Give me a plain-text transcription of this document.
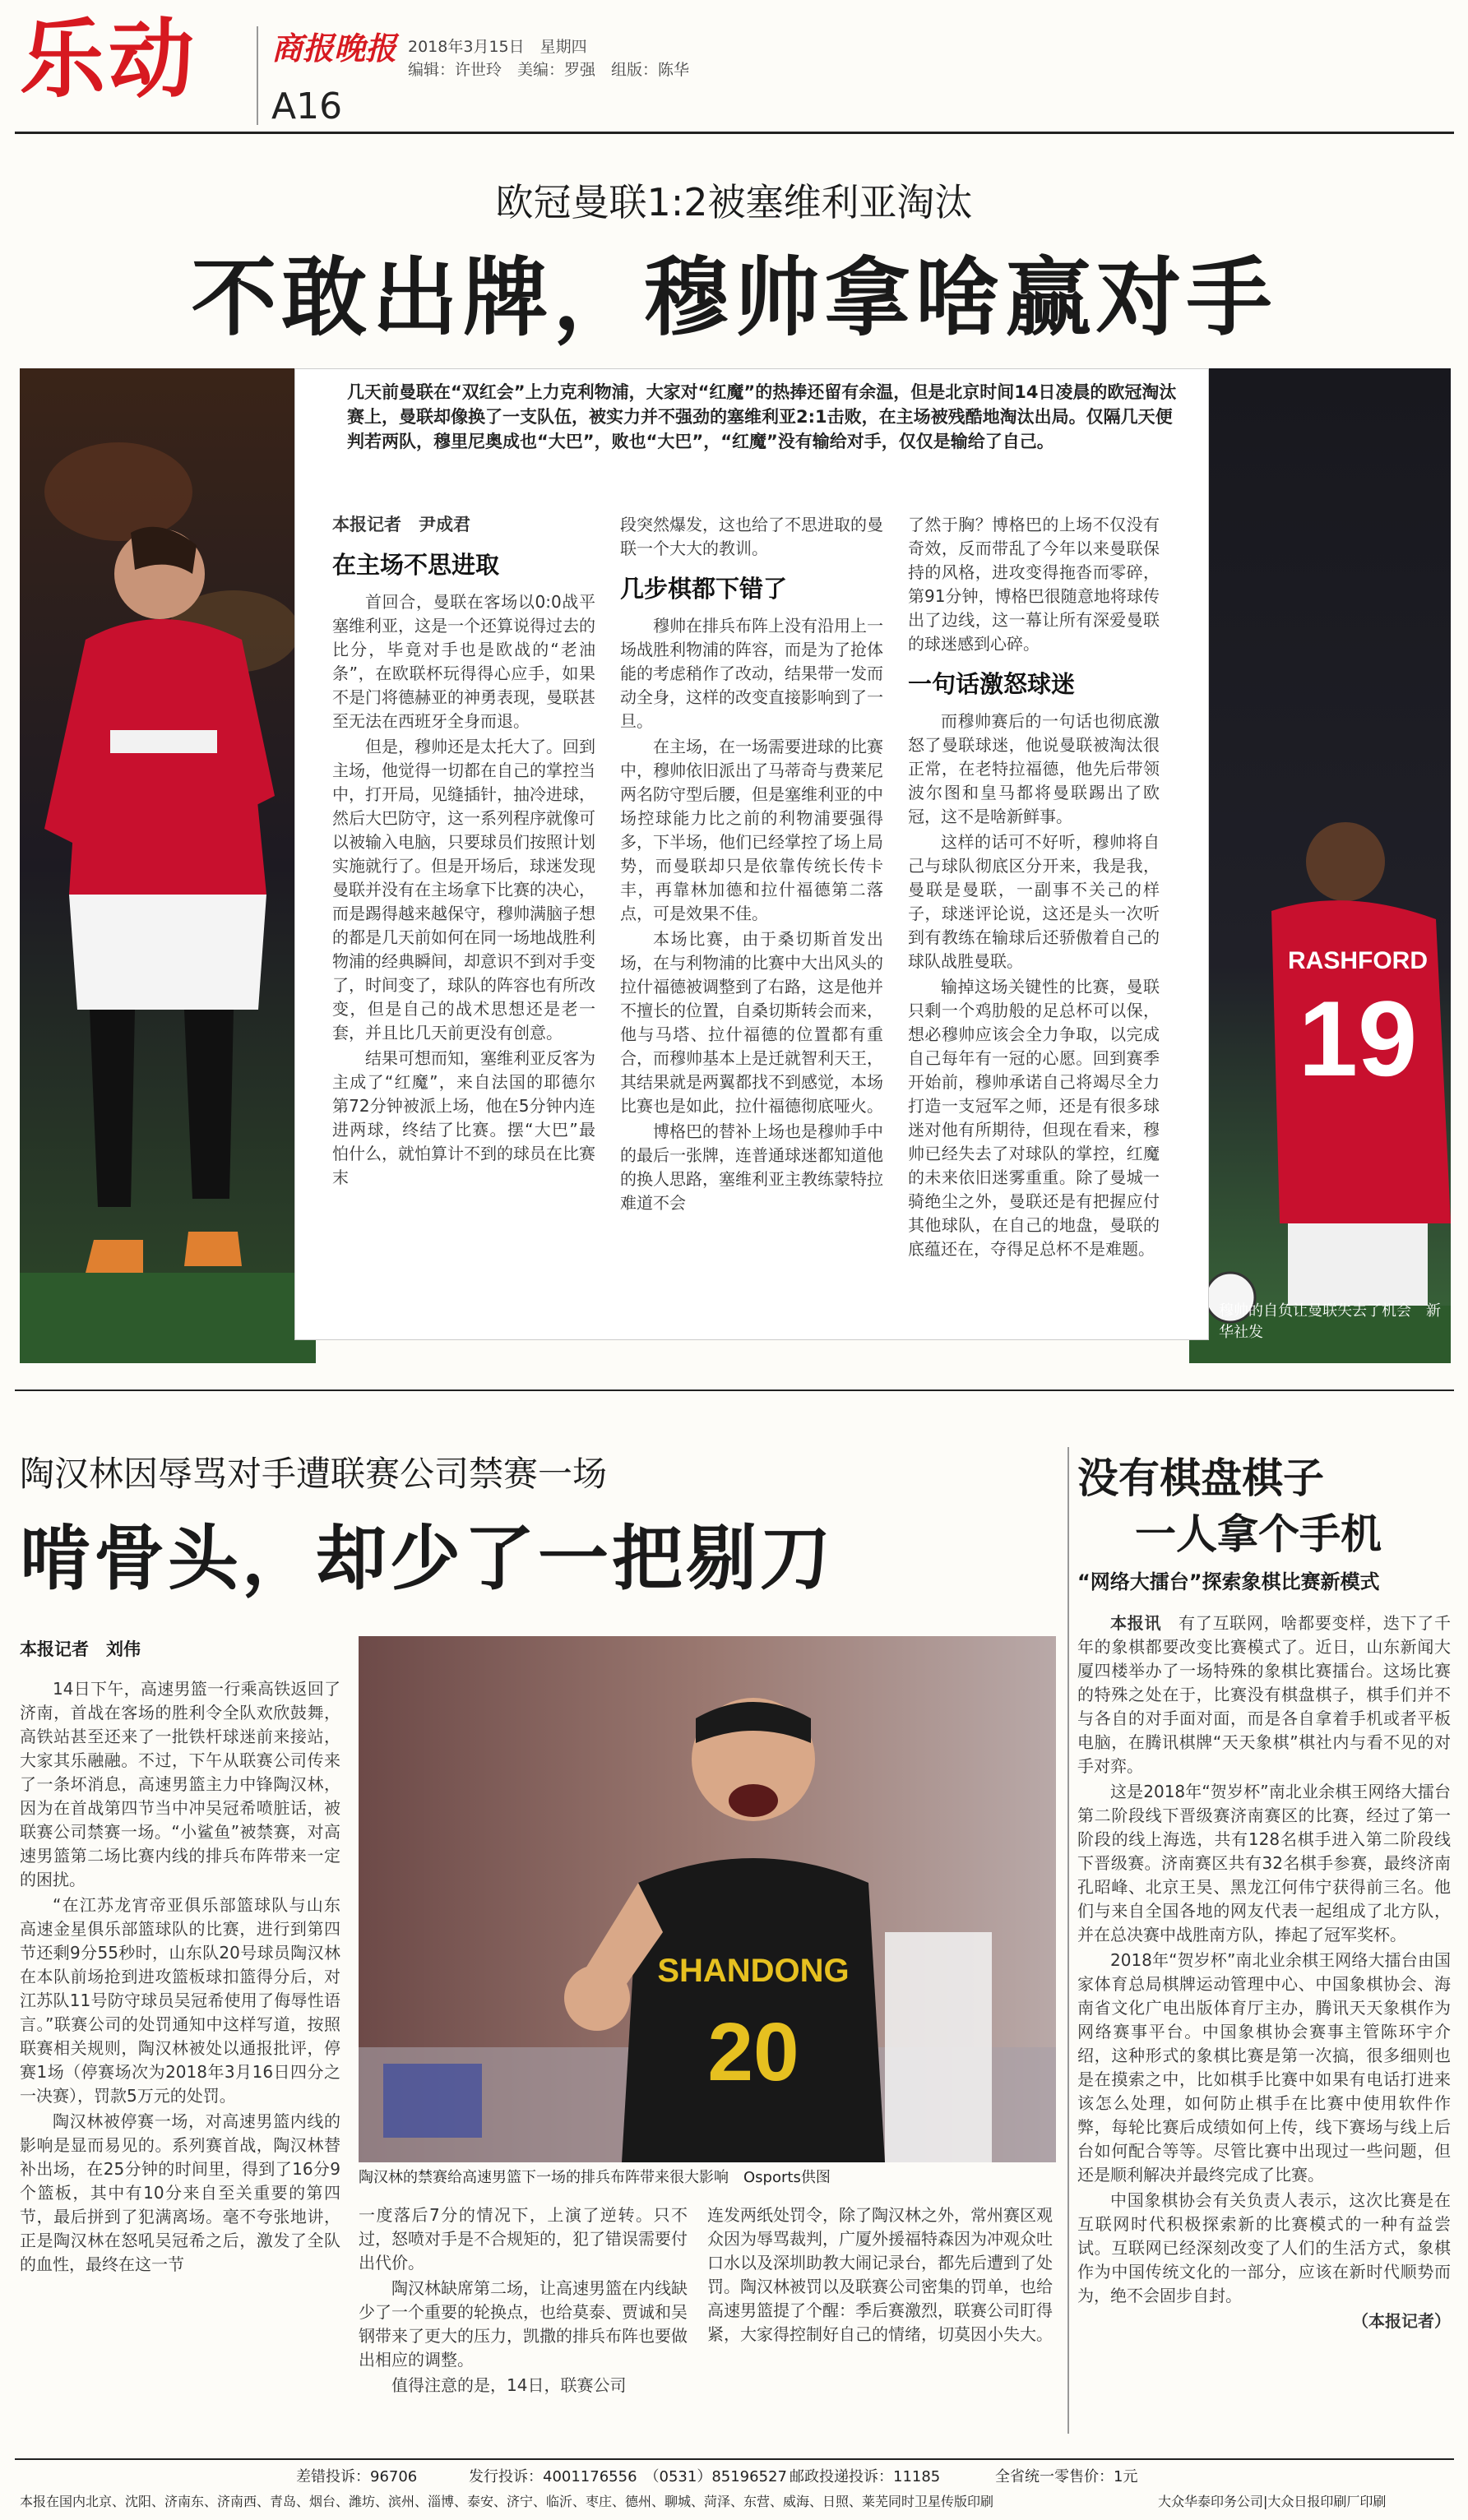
乐动 商报晚报 2018年3月15日　星期四
编辑：许世玲　美编：罗强　组版：陈华
A16
欧冠曼联1:2被塞维利亚淘汰
不敢出牌，穆帅拿啥赢对手
RASHFORD
19
几天前曼联在“双红会”上力克利物浦，大家对“红魔”的热捧还留有余温，但是北京时间14日凌晨的欧冠淘汰赛上，曼联却像换了一支队伍，被实力并不强劲的塞维利亚2:1击败，在主场被残酷地淘汰出局。仅隔几天便判若两队，穆里尼奥成也“大巴”，败也“大巴”，“红魔”没有输给对手，仅仅是输给了自己。
本报记者　尹成君
在主场不思进取

首回合，曼联在客场以0:0战平塞维利亚，这是一个还算说得过去的比分，毕竟对手也是欧战的“老油条”，在欧联杯玩得得心应手，如果不是门将德赫亚的神勇表现，曼联甚至无法在西班牙全身而退。

但是，穆帅还是太托大了。回到主场，他觉得一切都在自己的掌控当中，打开局，见缝插针，抽冷进球，然后大巴防守，这一系列程序就像可以被输入电脑，只要球员们按照计划实施就行了。但是开场后，球迷发现曼联并没有在主场拿下比赛的决心，而是踢得越来越保守，穆帅满脑子想的都是几天前如何在同一场地战胜利物浦的经典瞬间，却意识不到对手变了，时间变了，球队的阵容也有所改变，但是自己的战术思想还是老一套，并且比几天前更没有创意。

结果可想而知，塞维利亚反客为主成了“红魔”，来自法国的耶德尔第72分钟被派上场，他在5分钟内连进两球，终结了比赛。摆“大巴”最怕什么，就怕算计不到的球员在比赛末

段突然爆发，这也给了不思进取的曼联一个大大的教训。

几步棋都下错了

穆帅在排兵布阵上没有沿用上一场战胜利物浦的阵容，而是为了抢体能的考虑稍作了改动，结果带一发而动全身，这样的改变直接影响到了一旦。

在主场，在一场需要进球的比赛中，穆帅依旧派出了马蒂奇与费莱尼两名防守型后腰，但是塞维利亚的中场控球能力比之前的利物浦要强得多，下半场，他们已经掌控了场上局势，而曼联却只是依靠传统长传卡丰，再靠林加德和拉什福德第二落点，可是效果不佳。

本场比赛，由于桑切斯首发出场，在与利物浦的比赛中大出风头的拉什福德被调整到了右路，这是他并不擅长的位置，自桑切斯转会而来，他与马塔、拉什福德的位置都有重合，而穆帅基本上是迁就智利天王，其结果就是两翼都找不到感觉，本场比赛也是如此，拉什福德彻底哑火。

博格巴的替补上场也是穆帅手中的最后一张牌，连普通球迷都知道他的换人思路，塞维利亚主教练蒙特拉难道不会

了然于胸？博格巴的上场不仅没有奇效，反而带乱了今年以来曼联保持的风格，进攻变得拖沓而零碎，第91分钟，博格巴很随意地将球传出了边线，这一幕让所有深爱曼联的球迷感到心碎。

一句话激怒球迷

而穆帅赛后的一句话也彻底激怒了曼联球迷，他说曼联被淘汰很正常，在老特拉福德，他先后带领波尔图和皇马都将曼联踢出了欧冠，这不是啥新鲜事。

这样的话可不好听，穆帅将自己与球队彻底区分开来，我是我，曼联是曼联，一副事不关己的样子，球迷评论说，这还是头一次听到有教练在输球后还骄傲着自己的球队战胜曼联。

输掉这场关键性的比赛，曼联只剩一个鸡肋般的足总杯可以保，想必穆帅应该会全力争取，以完成自己每年有一冠的心愿。回到赛季开始前，穆帅承诺自己将竭尽全力打造一支冠军之师，还是有很多球迷对他有所期待，但现在看来，穆帅已经失去了对球队的掌控，红魔的未来依旧迷雾重重。除了曼城一骑绝尘之外，曼联还是有把握应付其他球队，在自己的地盘，曼联的底蕴还在，夺得足总杯不是难题。

穆帅的自负让曼联失去了机会　新华社发
陶汉林因辱骂对手遭联赛公司禁赛一场
啃骨头，却少了一把剔刀
本报记者　刘伟

14日下午，高速男篮一行乘高铁返回了济南，首战在客场的胜利令全队欢欣鼓舞，高铁站甚至还来了一批铁杆球迷前来接站，大家其乐融融。不过，下午从联赛公司传来了一条坏消息，高速男篮主力中锋陶汉林，因为在首战第四节当中冲吴冠希喷脏话，被联赛公司禁赛一场。“小鲨鱼”被禁赛，对高速男篮第二场比赛内线的排兵布阵带来一定的困扰。

“在江苏龙宵帝亚俱乐部篮球队与山东高速金星俱乐部篮球队的比赛，进行到第四节还剩9分55秒时，山东队20号球员陶汉林在本队前场抢到进攻篮板球扣篮得分后，对江苏队11号防守球员吴冠希使用了侮辱性语言。”联赛公司的处罚通知中这样写道，按照联赛相关规则，陶汉林被处以通报批评，停赛1场（停赛场次为2018年3月16日四分之一决赛），罚款5万元的处罚。

陶汉林被停赛一场，对高速男篮内线的影响是显而易见的。系列赛首战，陶汉林替补出场，在25分钟的时间里，得到了16分9个篮板，其中有10分来自至关重要的第四节，最后拼到了犯满离场。毫不夸张地讲，正是陶汉林在怒吼吴冠希之后，激发了全队的血性，最终在这一节

SHANDONG
20
陶汉林的禁赛给高速男篮下一场的排兵布阵带来很大影响　Osports供图

一度落后7分的情况下，上演了逆转。只不过，怒喷对手是不合规矩的，犯了错误需要付出代价。

陶汉林缺席第二场，让高速男篮在内线缺少了一个重要的轮换点，也给莫泰、贾诚和吴钢带来了更大的压力，凯撒的排兵布阵也要做出相应的调整。

值得注意的是，14日，联赛公司

连发两纸处罚令，除了陶汉林之外，常州赛区观众因为辱骂裁判，广厦外援福特森因为冲观众吐口水以及深圳助教大闹记录台，都先后遭到了处罚。陶汉林被罚以及联赛公司密集的罚单，也给高速男篮提了个醒：季后赛激烈，联赛公司盯得紧，大家得控制好自己的情绪，切莫因小失大。

没有棋盘棋子
一人拿个手机
“网络大擂台”探索象棋比赛新模式

本报讯　 有了互联网，啥都要变样，迭下了千年的象棋都要改变比赛模式了。近日，山东新闻大厦四楼举办了一场特殊的象棋比赛擂台。这场比赛的特殊之处在于，比赛没有棋盘棋子，棋手们并不与各自的对手面对面，而是各自拿着手机或者平板电脑，在腾讯棋牌“天天象棋”棋社内与看不见的对手对弈。

这是2018年“贺岁杯”南北业余棋王网络大擂台第二阶段线下晋级赛济南赛区的比赛，经过了第一阶段的线上海选，共有128名棋手进入第二阶段线下晋级赛。济南赛区共有32名棋手参赛，最终济南孔昭峰、北京王昊、黑龙江何伟宁获得前三名。他们与来自全国各地的网友代表一起组成了北方队，并在总决赛中战胜南方队，捧起了冠军奖杯。

2018年“贺岁杯”南北业余棋王网络大擂台由国家体育总局棋牌运动管理中心、中国象棋协会、海南省文化广电出版体育厅主办，腾讯天天象棋作为网络赛事平台。中国象棋协会赛事主管陈环宇介绍，这种形式的象棋比赛是第一次搞，很多细则也是在摸索之中，比如棋手比赛中如果有电话打进来该怎么处理，如何防止棋手在比赛中使用软件作弊，每轮比赛后成绩如何上传，线下赛场与线上后台如何配合等等。尽管比赛中出现过一些问题，但还是顺利解决并最终完成了比赛。

中国象棋协会有关负责人表示，这次比赛是在互联网时代积极探索新的比赛模式的一种有益尝试。互联网已经深刻改变了人们的生活方式，象棋作为中国传统文化的一部分，应该在新时代顺势而为，绝不会固步自封。

（本报记者）
差错投诉：96706	发行投诉：4001176556　（0531）85196527 邮政投递投诉：11185	全省统一零售价：1元
本报在国内北京、沈阳、济南东、济南西、青岛、烟台、潍坊、滨州、淄博、泰安、济宁、临沂、枣庄、德州、聊城、菏泽、东营、威海、日照、莱芜同时卫星传版印刷	大众华泰印务公司|大众日报印刷厂印刷
